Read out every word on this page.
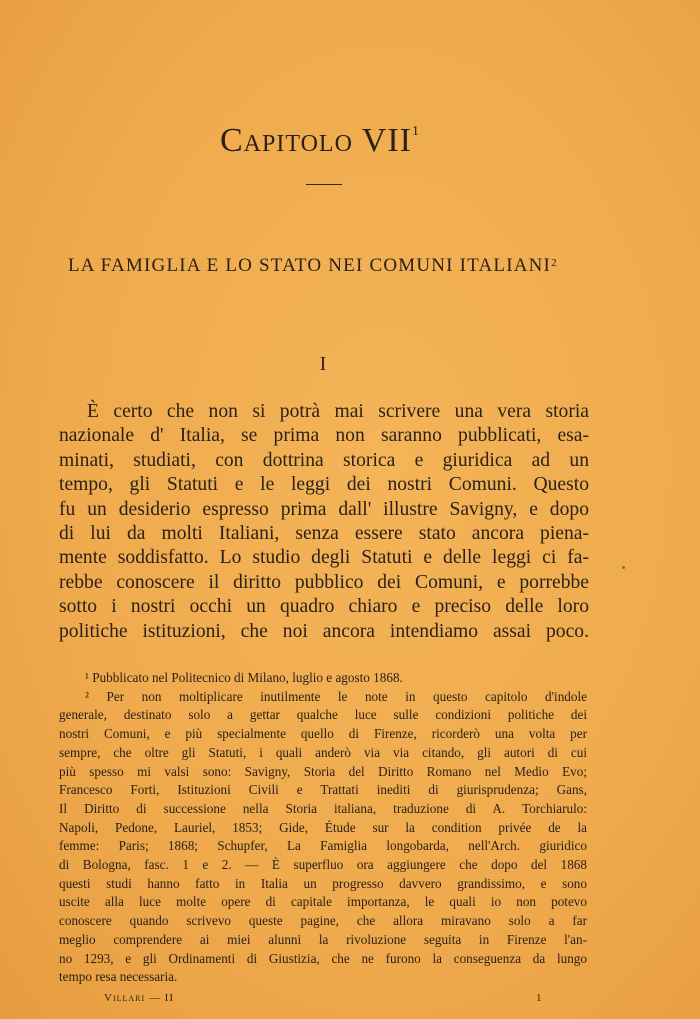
Capitolo VII$^1$
LA FAMIGLIA E LO STATO NEI COMUNI ITALIANI$^2$
I
È certo che non si potrà mai scrivere una vera storia
nazionale d' Italia, se prima non saranno pubblicati, esa-
minati, studiati, con dottrina storica e giuridica ad un
tempo, gli Statuti e le leggi dei nostri Comuni. Questo
fu un desiderio espresso prima dall' illustre Savigny, e dopo
di lui da molti Italiani, senza essere stato ancora piena-
mente soddisfatto. Lo studio degli Statuti e delle leggi ci fa-
rebbe conoscere il diritto pubblico dei Comuni, e porrebbe
sotto i nostri occhi un quadro chiaro e preciso delle loro
politiche istituzioni, che noi ancora intendiamo assai poco.
¹ Pubblicato nel Politecnico di Milano, luglio e agosto 1868.
² Per non moltiplicare inutilmente le note in questo capitolo d'indole
generale, destinato solo a gettar qualche luce sulle condizioni politiche dei
nostri Comuni, e più specialmente quello di Firenze, ricorderò una volta per
sempre, che oltre gli Statuti, i quali anderò via via citando, gli autori di cui
più spesso mi valsi sono: Savigny, Storia del Diritto Romano nel Medio Evo;
Francesco Forti, Istituzioni Civili e Trattati inediti di giurisprudenza; Gans,
Il Diritto di successione nella Storia italiana, traduzione di A. Torchiarulo:
Napoli, Pedone, Lauriel, 1853; Gide, Étude sur la condition privée de la
femme: Paris; 1868; Schupfer, La Famiglia longobarda, nell'Arch. giuridico
di Bologna, fasc. 1 e 2. — È superfluo ora aggiungere che dopo del 1868
questi studi hanno fatto in Italia un progresso davvero grandissimo, e sono
uscite alla luce molte opere di capitale importanza, le quali io non potevo
conoscere quando scrivevo queste pagine, che allora miravano solo a far
meglio comprendere ai miei alunni la rivoluzione seguita in Firenze l'an-
no 1293, e gli Ordinamenti di Giustizia, che ne furono la conseguenza da lungo
tempo resa necessaria.
Villari — II	1
